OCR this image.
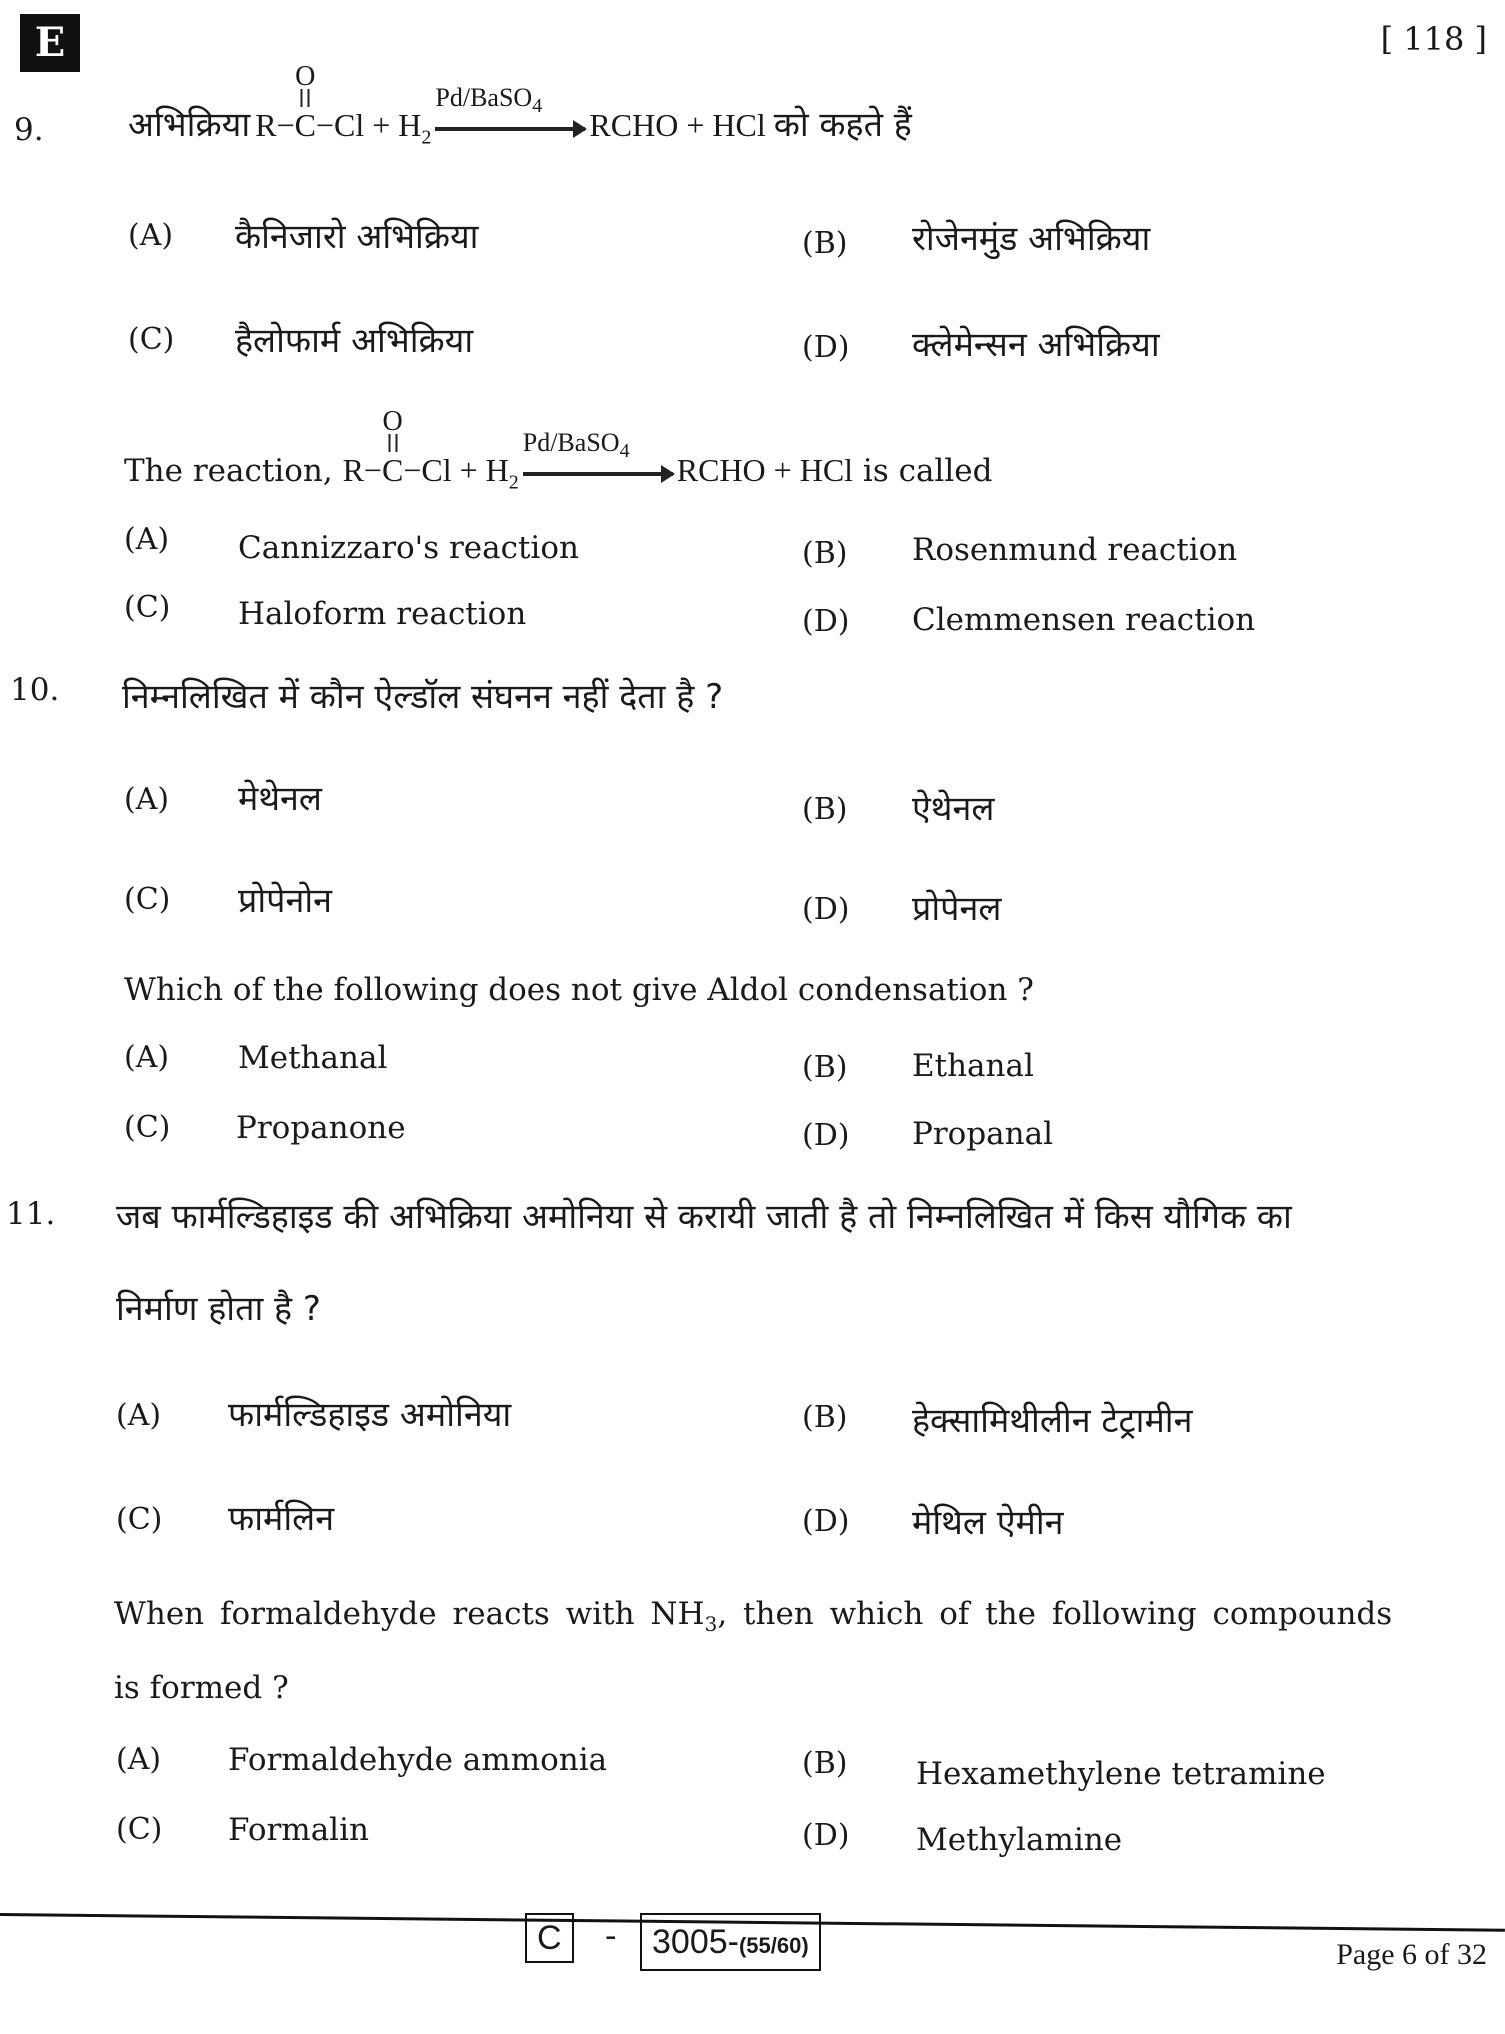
E	[ 118 ]
9. अभिक्रिया R−
O
$C-Cl + H_2$
Pd/BaSO$_4$
RCHO + HCl को कहते हैं
(A) कैनिजारो अभिक्रिया	(B) रोजेनमुंड अभिक्रिया
(C) हैलोफार्म अभिक्रिया	(D) क्लेमेन्सन अभिक्रिया
The reaction, R−
O
$C-Cl + H_2$
Pd/BaSO$_4$
RCHO + HCl is called
(A) Cannizzaro's reaction	(B) Rosenmund reaction
(C) Haloform reaction	(D) Clemmensen reaction
10. निम्नलिखित में कौन ऐल्डॉल संघनन नहीं देता है ?
(A) मेथेनल	(B) ऐथेनल
(C) प्रोपेनोन	(D) प्रोपेनल
Which of the following does not give Aldol condensation ?
(A) Methanal	(B) Ethanal
(C) Propanone	(D) Propanal
11. जब फार्मल्डिहाइड की अभिक्रिया अमोनिया से करायी जाती है तो निम्नलिखित में किस यौगिक का
निर्माण होता है ?
(A) फार्मल्डिहाइड अमोनिया	(B) हेक्सामिथीलीन टेट्रामीन
(C) फार्मलिन	(D) मेथिल ऐमीन
When formaldehyde reacts with $NH_3$, then which of the following compounds
is formed ?
(A) Formaldehyde ammonia	(B) Hexamethylene tetramine
(C) Formalin	(D) Methylamine
C	-	3005-(55/60)	Page 6 of 32
